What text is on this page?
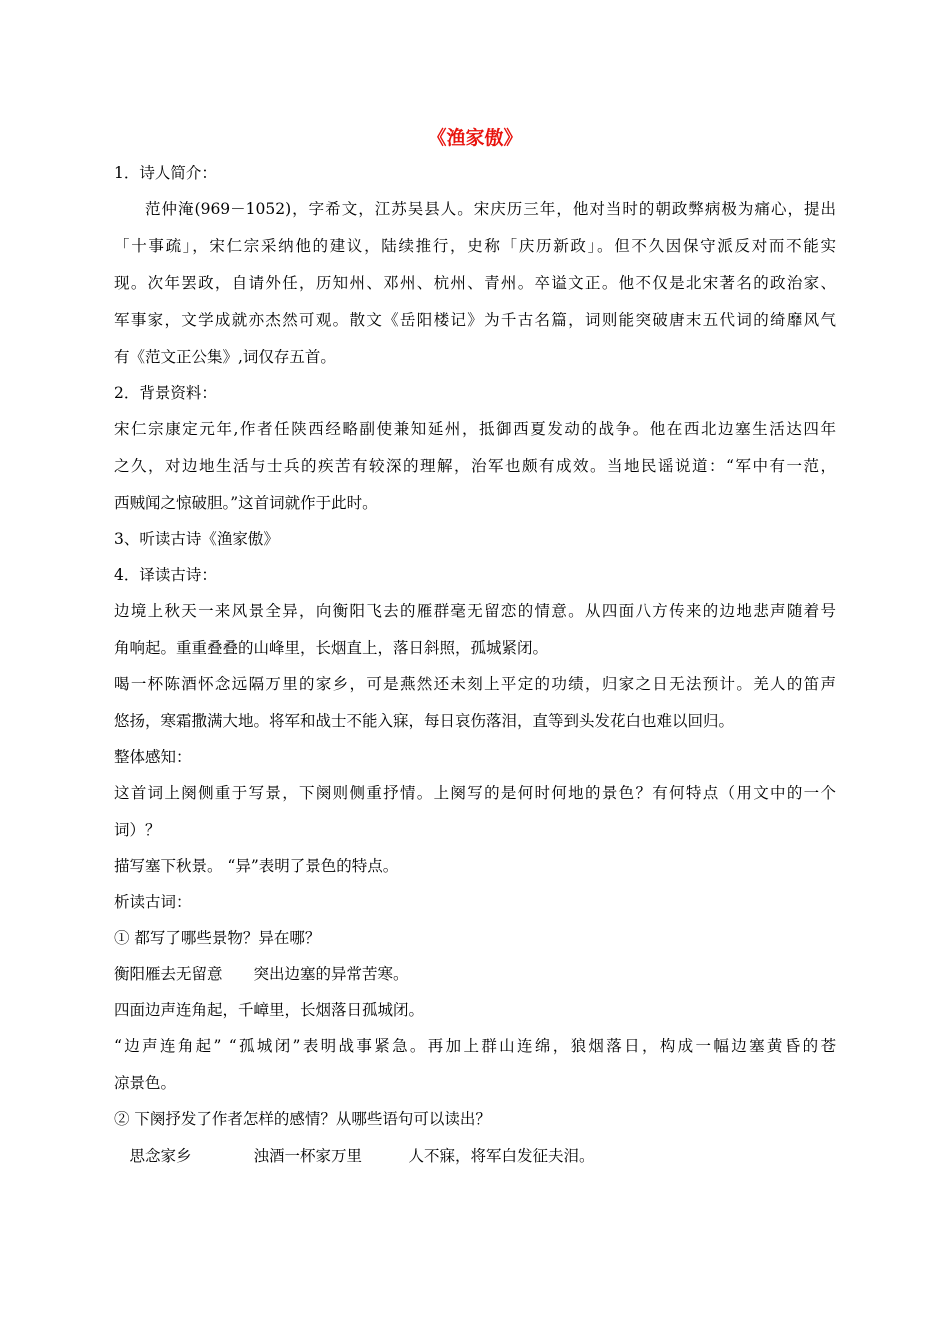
《渔家傲》
1．诗人简介：
范仲淹(969－1052)，字希文，江苏吴县人。宋庆历三年，他对当时的朝政弊病极为痛心，提出
「十事疏」，宋仁宗采纳他的建议，陆续推行，史称「庆历新政」。但不久因保守派反对而不能实
现。次年罢政，自请外任，历知州、邓州、杭州、青州。卒谥文正。他不仅是北宋著名的政治家、
军事家，文学成就亦杰然可观。散文《岳阳楼记》为千古名篇，词则能突破唐末五代词的绮靡风气
有《范文正公集》,词仅存五首。
2．背景资料：
宋仁宗康定元年,作者任陕西经略副使兼知延州，抵御西夏发动的战争。他在西北边塞生活达四年
之久，对边地生活与士兵的疾苦有较深的理解，治军也颇有成效。当地民谣说道：“军中有一范，
西贼闻之惊破胆。”这首词就作于此时。
3、听读古诗《渔家傲》
4．译读古诗：
边境上秋天一来风景全异，向衡阳飞去的雁群毫无留恋的情意。从四面八方传来的边地悲声随着号
角响起。重重叠叠的山峰里，长烟直上，落日斜照，孤城紧闭。
喝一杯陈酒怀念远隔万里的家乡，可是燕然还未刻上平定的功绩，归家之日无法预计。羌人的笛声
悠扬，寒霜撒满大地。将军和战士不能入寐，每日哀伤落泪，直等到头发花白也难以回归。
整体感知：
这首词上阕侧重于写景，下阕则侧重抒情。上阕写的是何时何地的景色？有何特点（用文中的一个
词）？
描写塞下秋景。 “异”表明了景色的特点。
析读古词：
① 都写了哪些景物？异在哪？
衡阳雁去无留意　　突出边塞的异常苦寒。
四面边声连角起，千嶂里，长烟落日孤城闭。
“边声连角起” “孤城闭”表明战事紧急。再加上群山连绵，狼烟落日，构成一幅边塞黄昏的苍
凉景色。
② 下阕抒发了作者怎样的感情？从哪些语句可以读出？
　思念家乡　　　　浊酒一杯家万里　　　人不寐，将军白发征夫泪。
